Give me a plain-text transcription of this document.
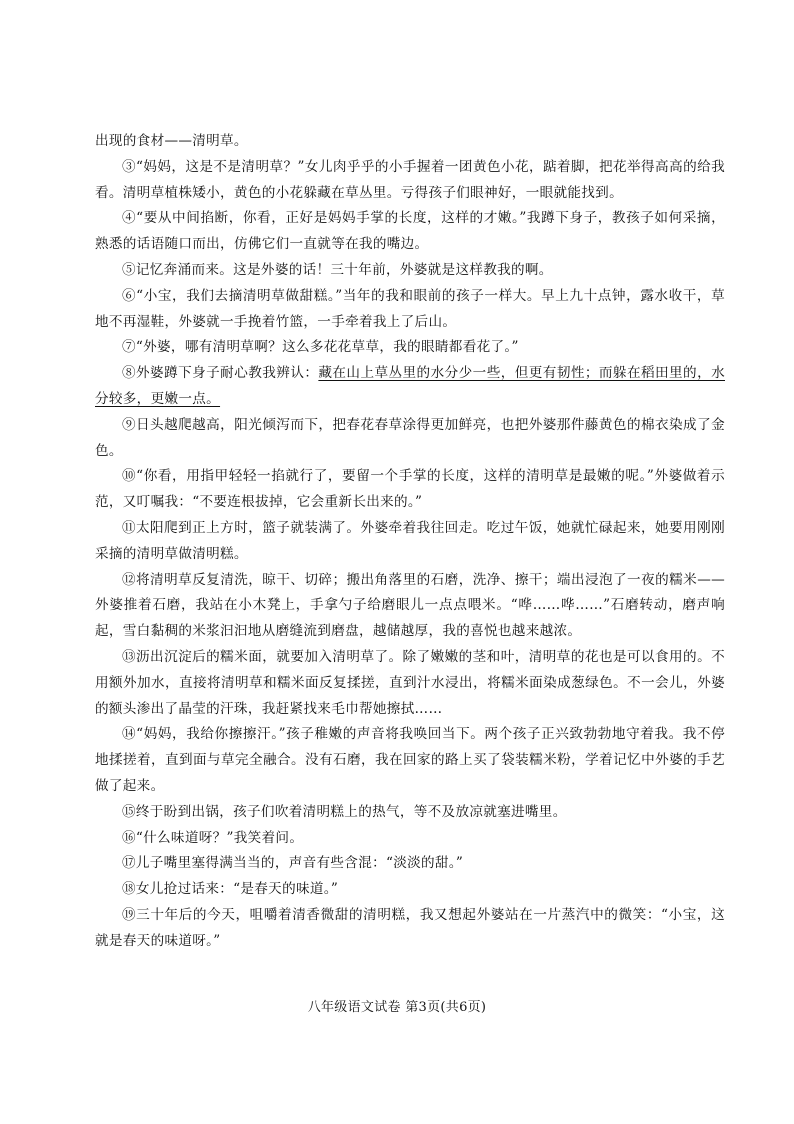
出现的食材——清明草。

③“妈妈，这是不是清明草？”女儿肉乎乎的小手握着一团黄色小花，踮着脚，把花举得高高的给我看。清明草植株矮小，黄色的小花躲藏在草丛里。亏得孩子们眼神好，一眼就能找到。

④“要从中间掐断，你看，正好是妈妈手掌的长度，这样的才嫩。”我蹲下身子，教孩子如何采摘，熟悉的话语随口而出，仿佛它们一直就等在我的嘴边。

⑤记忆奔涌而来。这是外婆的话！三十年前，外婆就是这样教我的啊。

⑥“小宝，我们去摘清明草做甜糕。”当年的我和眼前的孩子一样大。早上九十点钟，露水收干，草地不再湿鞋，外婆就一手挽着竹篮，一手牵着我上了后山。

⑦“外婆，哪有清明草啊？这么多花花草草，我的眼睛都看花了。”

⑧外婆蹲下身子耐心教我辨认：藏在山上草丛里的水分少一些，但更有韧性；而躲在稻田里的，水分较多，更嫩一点。

⑨日头越爬越高，阳光倾泻而下，把春花春草涂得更加鲜亮，也把外婆那件藤黄色的棉衣染成了金色。

⑩“你看，用指甲轻轻一掐就行了，要留一个手掌的长度，这样的清明草是最嫩的呢。”外婆做着示范，又叮嘱我：“不要连根拔掉，它会重新长出来的。”

⑪太阳爬到正上方时，篮子就装满了。外婆牵着我往回走。吃过午饭，她就忙碌起来，她要用刚刚采摘的清明草做清明糕。

⑫将清明草反复清洗，晾干、切碎；搬出角落里的石磨，洗净、擦干；端出浸泡了一夜的糯米——外婆推着石磨，我站在小木凳上，手拿勺子给磨眼儿一点点喂米。“哗……哗……”石磨转动，磨声响起，雪白黏稠的米浆汩汩地从磨缝流到磨盘，越储越厚，我的喜悦也越来越浓。

⑬沥出沉淀后的糯米面，就要加入清明草了。除了嫩嫩的茎和叶，清明草的花也是可以食用的。不用额外加水，直接将清明草和糯米面反复揉搓，直到汁水浸出，将糯米面染成葱绿色。不一会儿，外婆的额头渗出了晶莹的汗珠，我赶紧找来毛巾帮她擦拭……

⑭“妈妈，我给你擦擦汗。”孩子稚嫩的声音将我唤回当下。两个孩子正兴致勃勃地守着我。我不停地揉搓着，直到面与草完全融合。没有石磨，我在回家的路上买了袋装糯米粉，学着记忆中外婆的手艺做了起来。

⑮终于盼到出锅，孩子们吹着清明糕上的热气，等不及放凉就塞进嘴里。

⑯“什么味道呀？”我笑着问。

⑰儿子嘴里塞得满当当的，声音有些含混：“淡淡的甜。”

⑱女儿抢过话来：“是春天的味道。”

⑲三十年后的今天，咀嚼着清香微甜的清明糕，我又想起外婆站在一片蒸汽中的微笑：“小宝，这就是春天的味道呀。”

八年级语文试卷 第3页(共6页)
